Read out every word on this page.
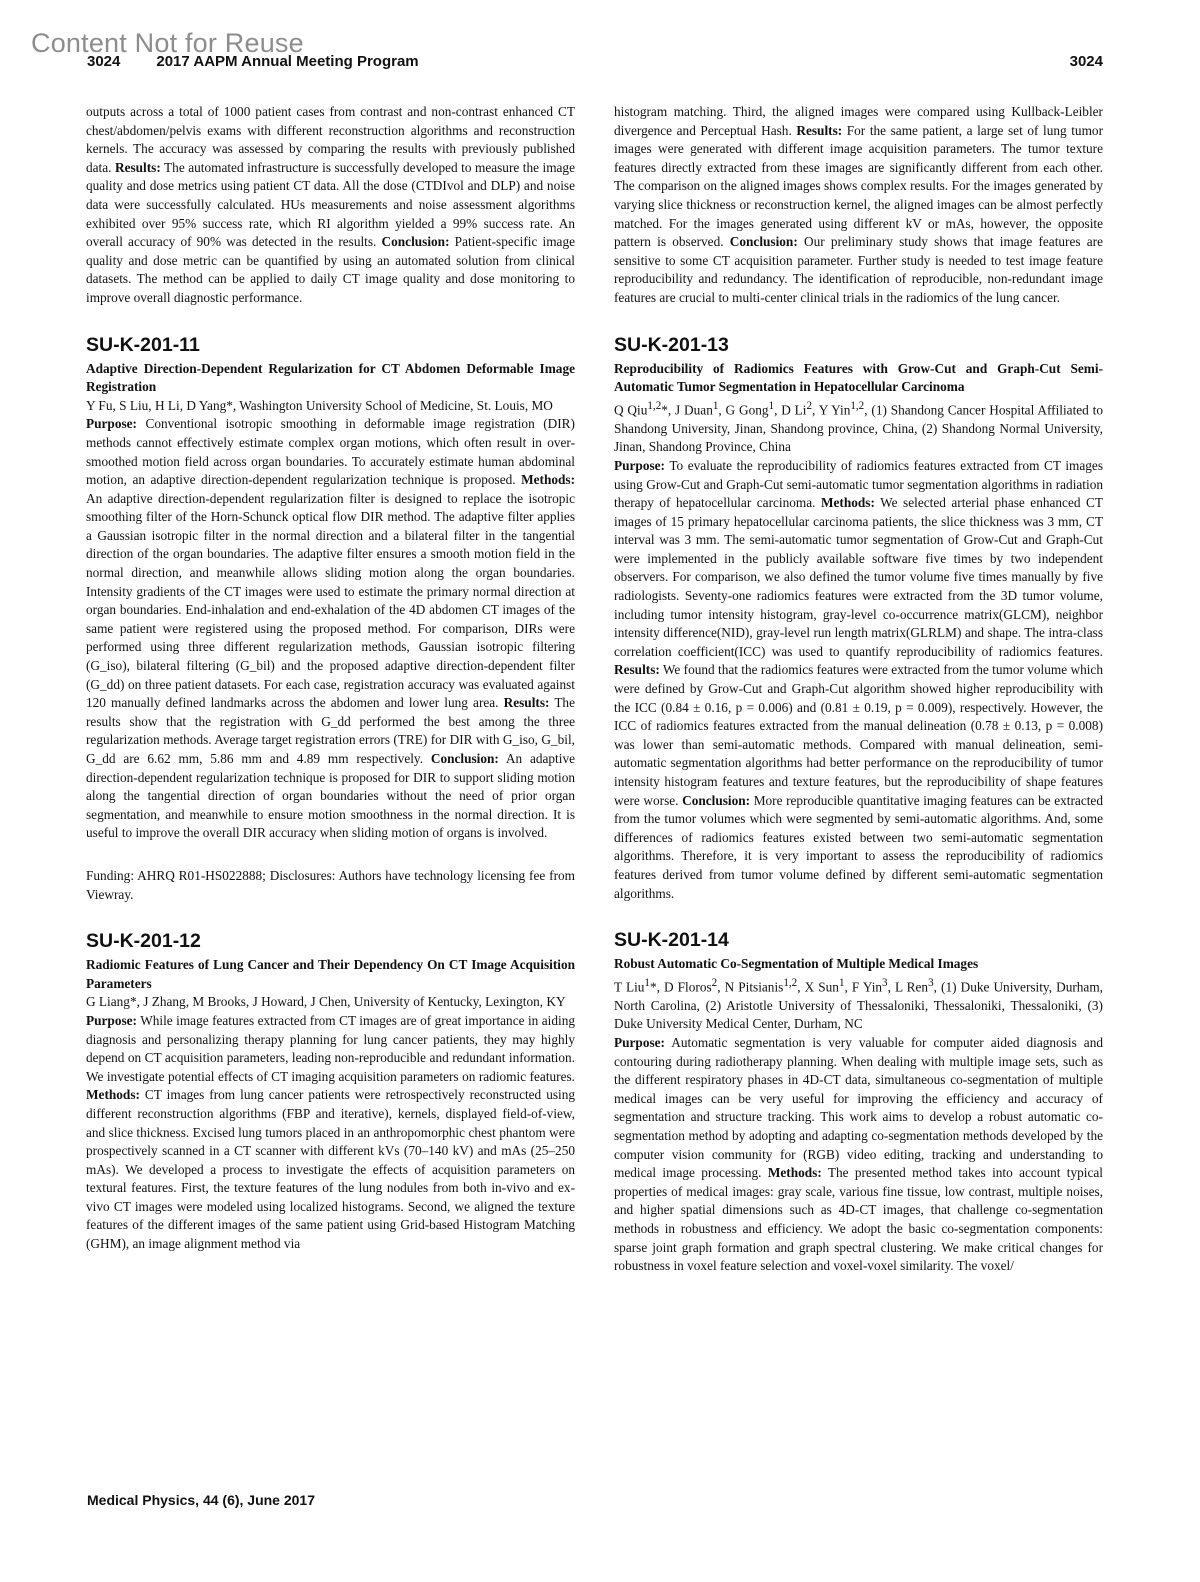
Content Not for Reuse
3024 2017 AAPM Annual Meeting Program	3024

outputs across a total of 1000 patient cases from contrast and non-contrast enhanced CT chest/abdomen/pelvis exams with different reconstruction algorithms and reconstruction kernels. The accuracy was assessed by comparing the results with previously published data. Results: The automated infrastructure is successfully developed to measure the image quality and dose metrics using patient CT data. All the dose (CTDIvol and DLP) and noise data were successfully calculated. HUs measurements and noise assessment algorithms exhibited over 95% success rate, which RI algorithm yielded a 99% success rate. An overall accuracy of 90% was detected in the results. Conclusion: Patient-specific image quality and dose metric can be quantified by using an automated solution from clinical datasets. The method can be applied to daily CT image quality and dose monitoring to improve overall diagnostic performance.

SU-K-201-11

Adaptive Direction-Dependent Regularization for CT Abdomen Deformable Image Registration

Y Fu, S Liu, H Li, D Yang*, Washington University School of Medicine, St. Louis, MO

Purpose: Conventional isotropic smoothing in deformable image registration (DIR) methods cannot effectively estimate complex organ motions, which often result in over-smoothed motion field across organ boundaries. To accurately estimate human abdominal motion, an adaptive direction-dependent regularization technique is proposed. Methods: An adaptive direction-dependent regularization filter is designed to replace the isotropic smoothing filter of the Horn-Schunck optical flow DIR method. The adaptive filter applies a Gaussian isotropic filter in the normal direction and a bilateral filter in the tangential direction of the organ boundaries. The adaptive filter ensures a smooth motion field in the normal direction, and meanwhile allows sliding motion along the organ boundaries. Intensity gradients of the CT images were used to estimate the primary normal direction at organ boundaries. End-inhalation and end-exhalation of the 4D abdomen CT images of the same patient were registered using the proposed method. For comparison, DIRs were performed using three different regularization methods, Gaussian isotropic filtering (G_iso), bilateral filtering (G_bil) and the proposed adaptive direction-dependent filter (G_dd) on three patient datasets. For each case, registration accuracy was evaluated against 120 manually defined landmarks across the abdomen and lower lung area. Results: The results show that the registration with G_dd performed the best among the three regularization methods. Average target registration errors (TRE) for DIR with G_iso, G_bil, G_dd are 6.62 mm, 5.86 mm and 4.89 mm respectively. Conclusion: An adaptive direction-dependent regularization technique is proposed for DIR to support sliding motion along the tangential direction of organ boundaries without the need of prior organ segmentation, and meanwhile to ensure motion smoothness in the normal direction. It is useful to improve the overall DIR accuracy when sliding motion of organs is involved.

Funding: AHRQ R01-HS022888; Disclosures: Authors have technology licensing fee from Viewray.

SU-K-201-12

Radiomic Features of Lung Cancer and Their Dependency On CT Image Acquisition Parameters

G Liang*, J Zhang, M Brooks, J Howard, J Chen, University of Kentucky, Lexington, KY

Purpose: While image features extracted from CT images are of great importance in aiding diagnosis and personalizing therapy planning for lung cancer patients, they may highly depend on CT acquisition parameters, leading non-reproducible and redundant information. We investigate potential effects of CT imaging acquisition parameters on radiomic features. Methods: CT images from lung cancer patients were retrospectively reconstructed using different reconstruction algorithms (FBP and iterative), kernels, displayed field-of-view, and slice thickness. Excised lung tumors placed in an anthropomorphic chest phantom were prospectively scanned in a CT scanner with different kVs (70–140 kV) and mAs (25–250 mAs). We developed a process to investigate the effects of acquisition parameters on textural features. First, the texture features of the lung nodules from both in-vivo and ex-vivo CT images were modeled using localized histograms. Second, we aligned the texture features of the different images of the same patient using Grid-based Histogram Matching (GHM), an image alignment method via

histogram matching. Third, the aligned images were compared using Kullback-Leibler divergence and Perceptual Hash. Results: For the same patient, a large set of lung tumor images were generated with different image acquisition parameters. The tumor texture features directly extracted from these images are significantly different from each other. The comparison on the aligned images shows complex results. For the images generated by varying slice thickness or reconstruction kernel, the aligned images can be almost perfectly matched. For the images generated using different kV or mAs, however, the opposite pattern is observed. Conclusion: Our preliminary study shows that image features are sensitive to some CT acquisition parameter. Further study is needed to test image feature reproducibility and redundancy. The identification of reproducible, non-redundant image features are crucial to multi-center clinical trials in the radiomics of the lung cancer.

SU-K-201-13

Reproducibility of Radiomics Features with Grow-Cut and Graph-Cut Semi-Automatic Tumor Segmentation in Hepatocellular Carcinoma

Q Qiu$^{1,2}$*, J Duan$^1$, G Gong$^1$, D Li$^2$, Y Yin$^{1,2}$, (1) Shandong Cancer Hospital Affiliated to Shandong University, Jinan, Shandong province, China, (2) Shandong Normal University, Jinan, Shandong Province, China

Purpose: To evaluate the reproducibility of radiomics features extracted from CT images using Grow-Cut and Graph-Cut semi-automatic tumor segmentation algorithms in radiation therapy of hepatocellular carcinoma. Methods: We selected arterial phase enhanced CT images of 15 primary hepatocellular carcinoma patients, the slice thickness was 3 mm, CT interval was 3 mm. The semi-automatic tumor segmentation of Grow-Cut and Graph-Cut were implemented in the publicly available software five times by two independent observers. For comparison, we also defined the tumor volume five times manually by five radiologists. Seventy-one radiomics features were extracted from the 3D tumor volume, including tumor intensity histogram, gray-level co-occurrence matrix(GLCM), neighbor intensity difference(NID), gray-level run length matrix(GLRLM) and shape. The intra-class correlation coefficient(ICC) was used to quantify reproducibility of radiomics features. Results: We found that the radiomics features were extracted from the tumor volume which were defined by Grow-Cut and Graph-Cut algorithm showed higher reproducibility with the ICC (0.84 ± 0.16, p = 0.006) and (0.81 ± 0.19, p = 0.009), respectively. However, the ICC of radiomics features extracted from the manual delineation (0.78 ± 0.13, p = 0.008) was lower than semi-automatic methods. Compared with manual delineation, semi-automatic segmentation algorithms had better performance on the reproducibility of tumor intensity histogram features and texture features, but the reproducibility of shape features were worse. Conclusion: More reproducible quantitative imaging features can be extracted from the tumor volumes which were segmented by semi-automatic algorithms. And, some differences of radiomics features existed between two semi-automatic segmentation algorithms. Therefore, it is very important to assess the reproducibility of radiomics features derived from tumor volume defined by different semi-automatic segmentation algorithms.

SU-K-201-14

Robust Automatic Co-Segmentation of Multiple Medical Images

T Liu$^1$*, D Floros$^2$, N Pitsianis$^{1,2}$, X Sun$^1$, F Yin$^3$, L Ren$^3$, (1) Duke University, Durham, North Carolina, (2) Aristotle University of Thessaloniki, Thessaloniki, Thessaloniki, (3) Duke University Medical Center, Durham, NC

Purpose: Automatic segmentation is very valuable for computer aided diagnosis and contouring during radiotherapy planning. When dealing with multiple image sets, such as the different respiratory phases in 4D-CT data, simultaneous co-segmentation of multiple medical images can be very useful for improving the efficiency and accuracy of segmentation and structure tracking. This work aims to develop a robust automatic co-segmentation method by adopting and adapting co-segmentation methods developed by the computer vision community for (RGB) video editing, tracking and understanding to medical image processing. Methods: The presented method takes into account typical properties of medical images: gray scale, various fine tissue, low contrast, multiple noises, and higher spatial dimensions such as 4D-CT images, that challenge co-segmentation methods in robustness and efficiency. We adopt the basic co-segmentation components: sparse joint graph formation and graph spectral clustering. We make critical changes for robustness in voxel feature selection and voxel-voxel similarity. The voxel/

Medical Physics, 44 (6), June 2017
